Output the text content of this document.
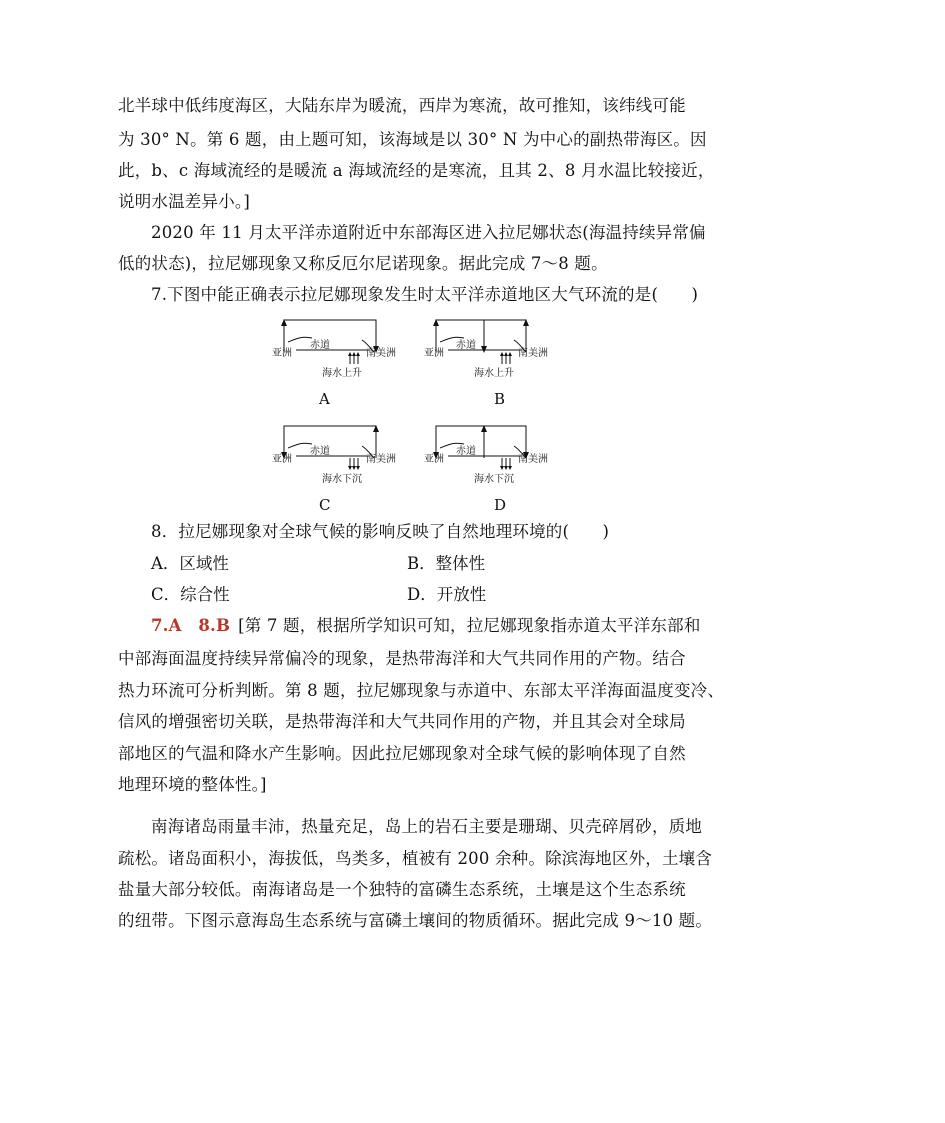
北半球中低纬度海区，大陆东岸为暖流，西岸为寒流，故可推知，该纬线可能
为 30° N。第 6 题，由上题可知，该海域是以 30° N 为中心的副热带海区。因
此，b、c 海域流经的是暖流 a 海域流经的是寒流，且其 2、8 月水温比较接近，
说明水温差异小。]
2020 年 11 月太平洋赤道附近中东部海区进入拉尼娜状态(海温持续异常偏
低的状态)，拉尼娜现象又称反厄尔尼诺现象。据此完成 7～8 题。
7.下图中能正确表示拉尼娜现象发生时太平洋赤道地区大气环流的是(　　)
亚洲
赤道
南美洲
海水上升
A
亚洲
赤道
南美洲
海水上升
B
亚洲
赤道
南美洲
海水下沉
C
亚洲
赤道
南美洲
海水下沉
D
8．拉尼娜现象对全球气候的影响反映了自然地理环境的(　　)
A．区域性	B．整体性
C．综合性	D．开放性
7.A　8.B [第 7 题，根据所学知识可知，拉尼娜现象指赤道太平洋东部和
中部海面温度持续异常偏冷的现象，是热带海洋和大气共同作用的产物。结合
热力环流可分析判断。第 8 题，拉尼娜现象与赤道中、东部太平洋海面温度变冷、
信风的增强密切关联，是热带海洋和大气共同作用的产物，并且其会对全球局
部地区的气温和降水产生影响。因此拉尼娜现象对全球气候的影响体现了自然
地理环境的整体性。]
南海诸岛雨量丰沛，热量充足，岛上的岩石主要是珊瑚、贝壳碎屑砂，质地
疏松。诸岛面积小，海拔低，鸟类多，植被有 200 余种。除滨海地区外，土壤含
盐量大部分较低。南海诸岛是一个独特的富磷生态系统，土壤是这个生态系统
的纽带。下图示意海岛生态系统与富磷土壤间的物质循环。据此完成 9～10 题。
